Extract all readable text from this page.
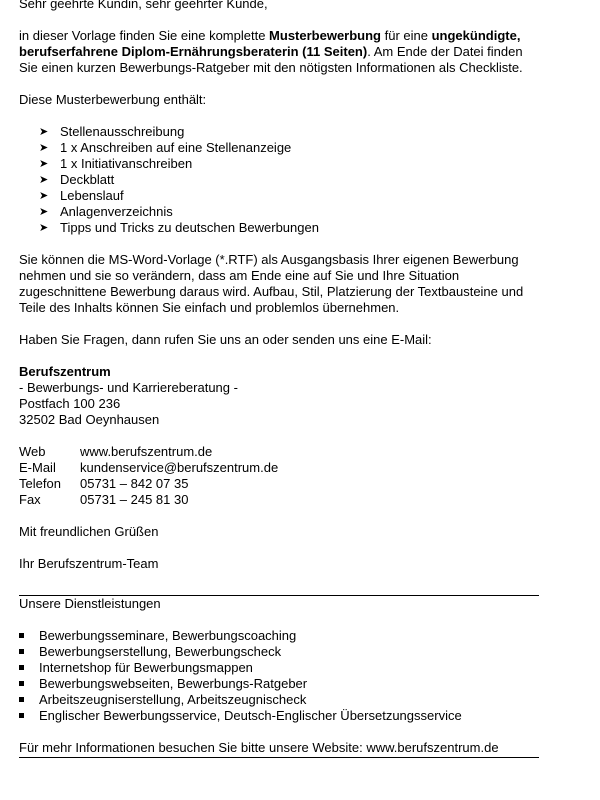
Sehr geehrte Kundin, sehr geehrter Kunde,

in dieser Vorlage finden Sie eine komplette Musterbewerbung für eine ungekündigte, berufserfahrene Diplom-Ernährungsberaterin (11 Seiten). Am Ende der Datei finden Sie einen kurzen Bewerbungs-Ratgeber mit den nötigsten Informationen als Checkliste.

Diese Musterbewerbung enthält:

➤ Stellenausschreibung
➤ 1 x Anschreiben auf eine Stellenanzeige
➤ 1 x Initiativanschreiben
➤ Deckblatt
➤ Lebenslauf
➤ Anlagenverzeichnis
➤ Tipps und Tricks zu deutschen Bewerbungen

Sie können die MS-Word-Vorlage (*.RTF) als Ausgangsbasis Ihrer eigenen Bewerbung nehmen und sie so verändern, dass am Ende eine auf Sie und Ihre Situation zugeschnittene Bewerbung daraus wird. Aufbau, Stil, Platzierung der Textbausteine und Teile des Inhalts können Sie einfach und problemlos übernehmen.

Haben Sie Fragen, dann rufen Sie uns an oder senden uns eine E-Mail:

Berufszentrum

- Bewerbungs- und Karriereberatung -

Postfach 100 236

32502 Bad Oeynhausen

Web	www.berufszentrum.de
E-Mail	kundenservice@berufszentrum.de
Telefon	05731 – 842 07 35
Fax	05731 – 245 81 30

Mit freundlichen Grüßen

Ihr Berufszentrum-Team

Unsere Dienstleistungen

Bewerbungsseminare, Bewerbungscoaching
Bewerbungserstellung, Bewerbungscheck
Internetshop für Bewerbungsmappen
Bewerbungswebseiten, Bewerbungs-Ratgeber
Arbeitszeugniserstellung, Arbeitszeugnischeck
Englischer Bewerbungsservice, Deutsch-Englischer Übersetzungsservice

Für mehr Informationen besuchen Sie bitte unsere Website: www.berufszentrum.de
